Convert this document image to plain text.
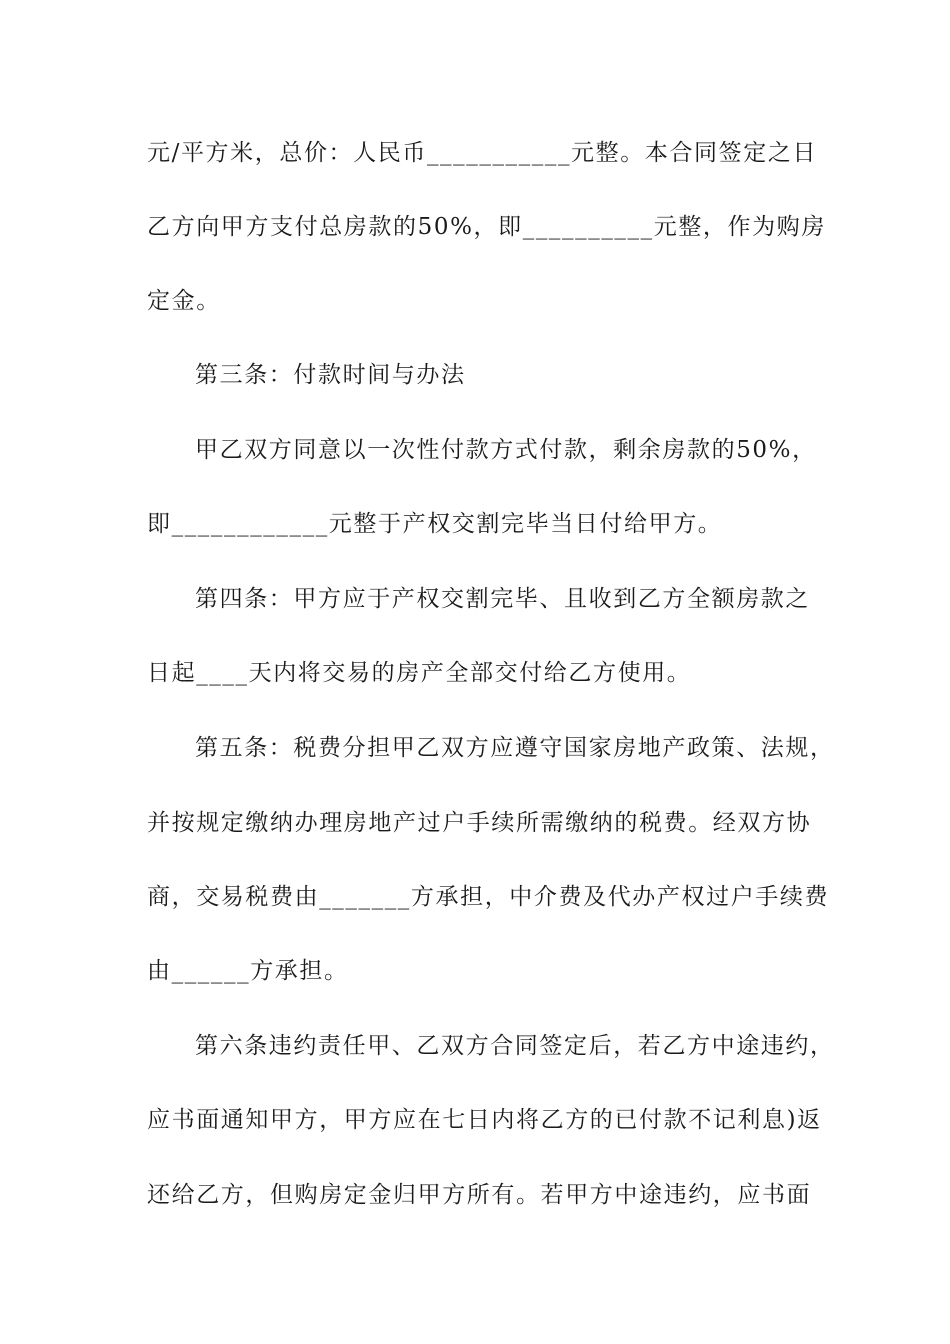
元/平方米，总价：人民币___________元整。本合同签定之日
乙方向甲方支付总房款的50%，即__________元整，作为购房
定金。
第三条：付款时间与办法
甲乙双方同意以一次性付款方式付款，剩余房款的50%，
即____________元整于产权交割完毕当日付给甲方。
第四条：甲方应于产权交割完毕、且收到乙方全额房款之
日起____天内将交易的房产全部交付给乙方使用。
第五条：税费分担甲乙双方应遵守国家房地产政策、法规，
并按规定缴纳办理房地产过户手续所需缴纳的税费。经双方协
商，交易税费由_______方承担，中介费及代办产权过户手续费
由______方承担。
第六条违约责任甲、乙双方合同签定后，若乙方中途违约，
应书面通知甲方，甲方应在七日内将乙方的已付款不记利息)返
还给乙方，但购房定金归甲方所有。若甲方中途违约，应书面
